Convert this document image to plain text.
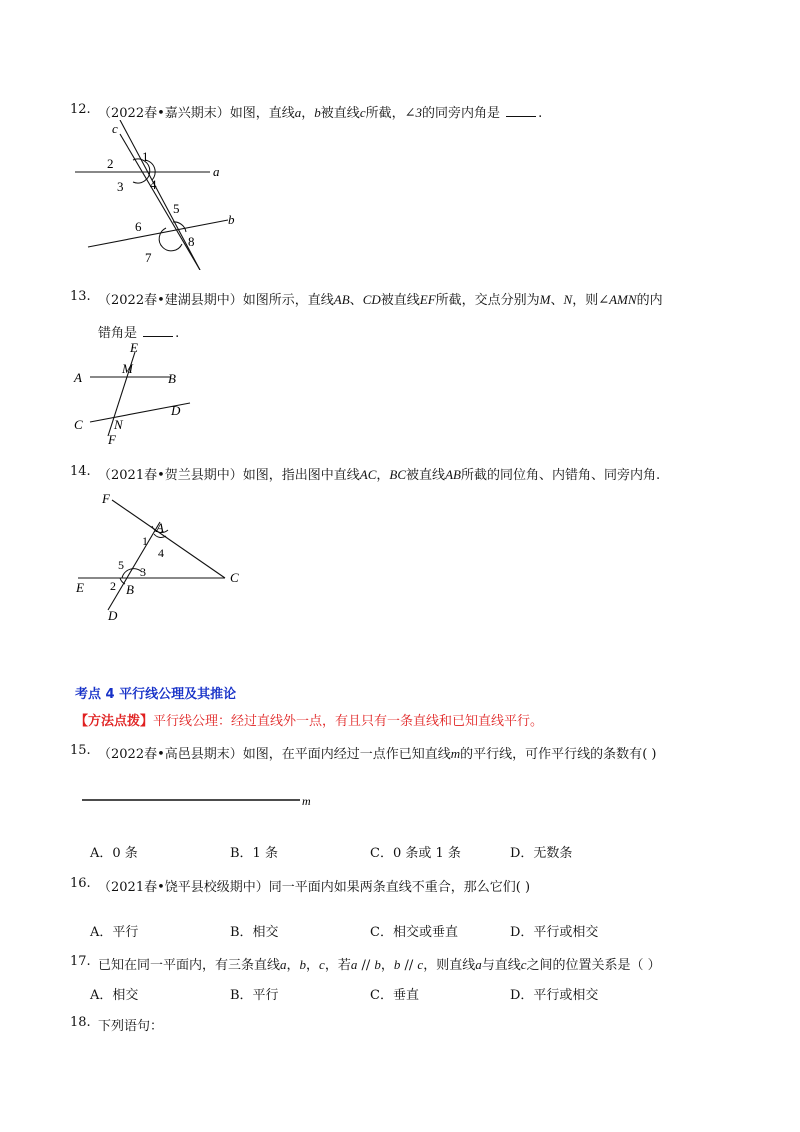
12. （2022春•嘉兴期末）如图，直线a，b被直线c所截，∠3的同旁内角是	.
c
1
2
3 4
a
5
6	b
8
7
13. （2022春•建湖县期中）如图所示，直线AB、CD被直线EF所截，交点分别为M、N，则∠AMN的内
错角是	.
E
A
M
B
D
C N
F
14. （2021春•贺兰县期中）如图，指出图中直线AC，BC被直线AB所截的同位角、内错角、同旁内角.
F
A
1
4
5 3
2 B
E
C
D
考点 4 平行线公理及其推论
【方法点拨】平行线公理：经过直线外一点，有且只有一条直线和已知直线平行。
15. （2022春•高邑县期末）如图，在平面内经过一点作已知直线m的平行线，可作平行线的条数有( )
m
A．0 条	B．1 条	C．0 条或 1 条	D．无数条
16. （2021春•饶平县校级期中）同一平面内如果两条直线不重合，那么它们( )
A．平行	B．相交	C．相交或垂直	D．平行或相交
17. 已知在同一平面内，有三条直线a，b，c，若a // b，b // c，则直线a与直线c之间的位置关系是（ ）
A．相交	B．平行	C．垂直	D．平行或相交
18. 下列语句：
